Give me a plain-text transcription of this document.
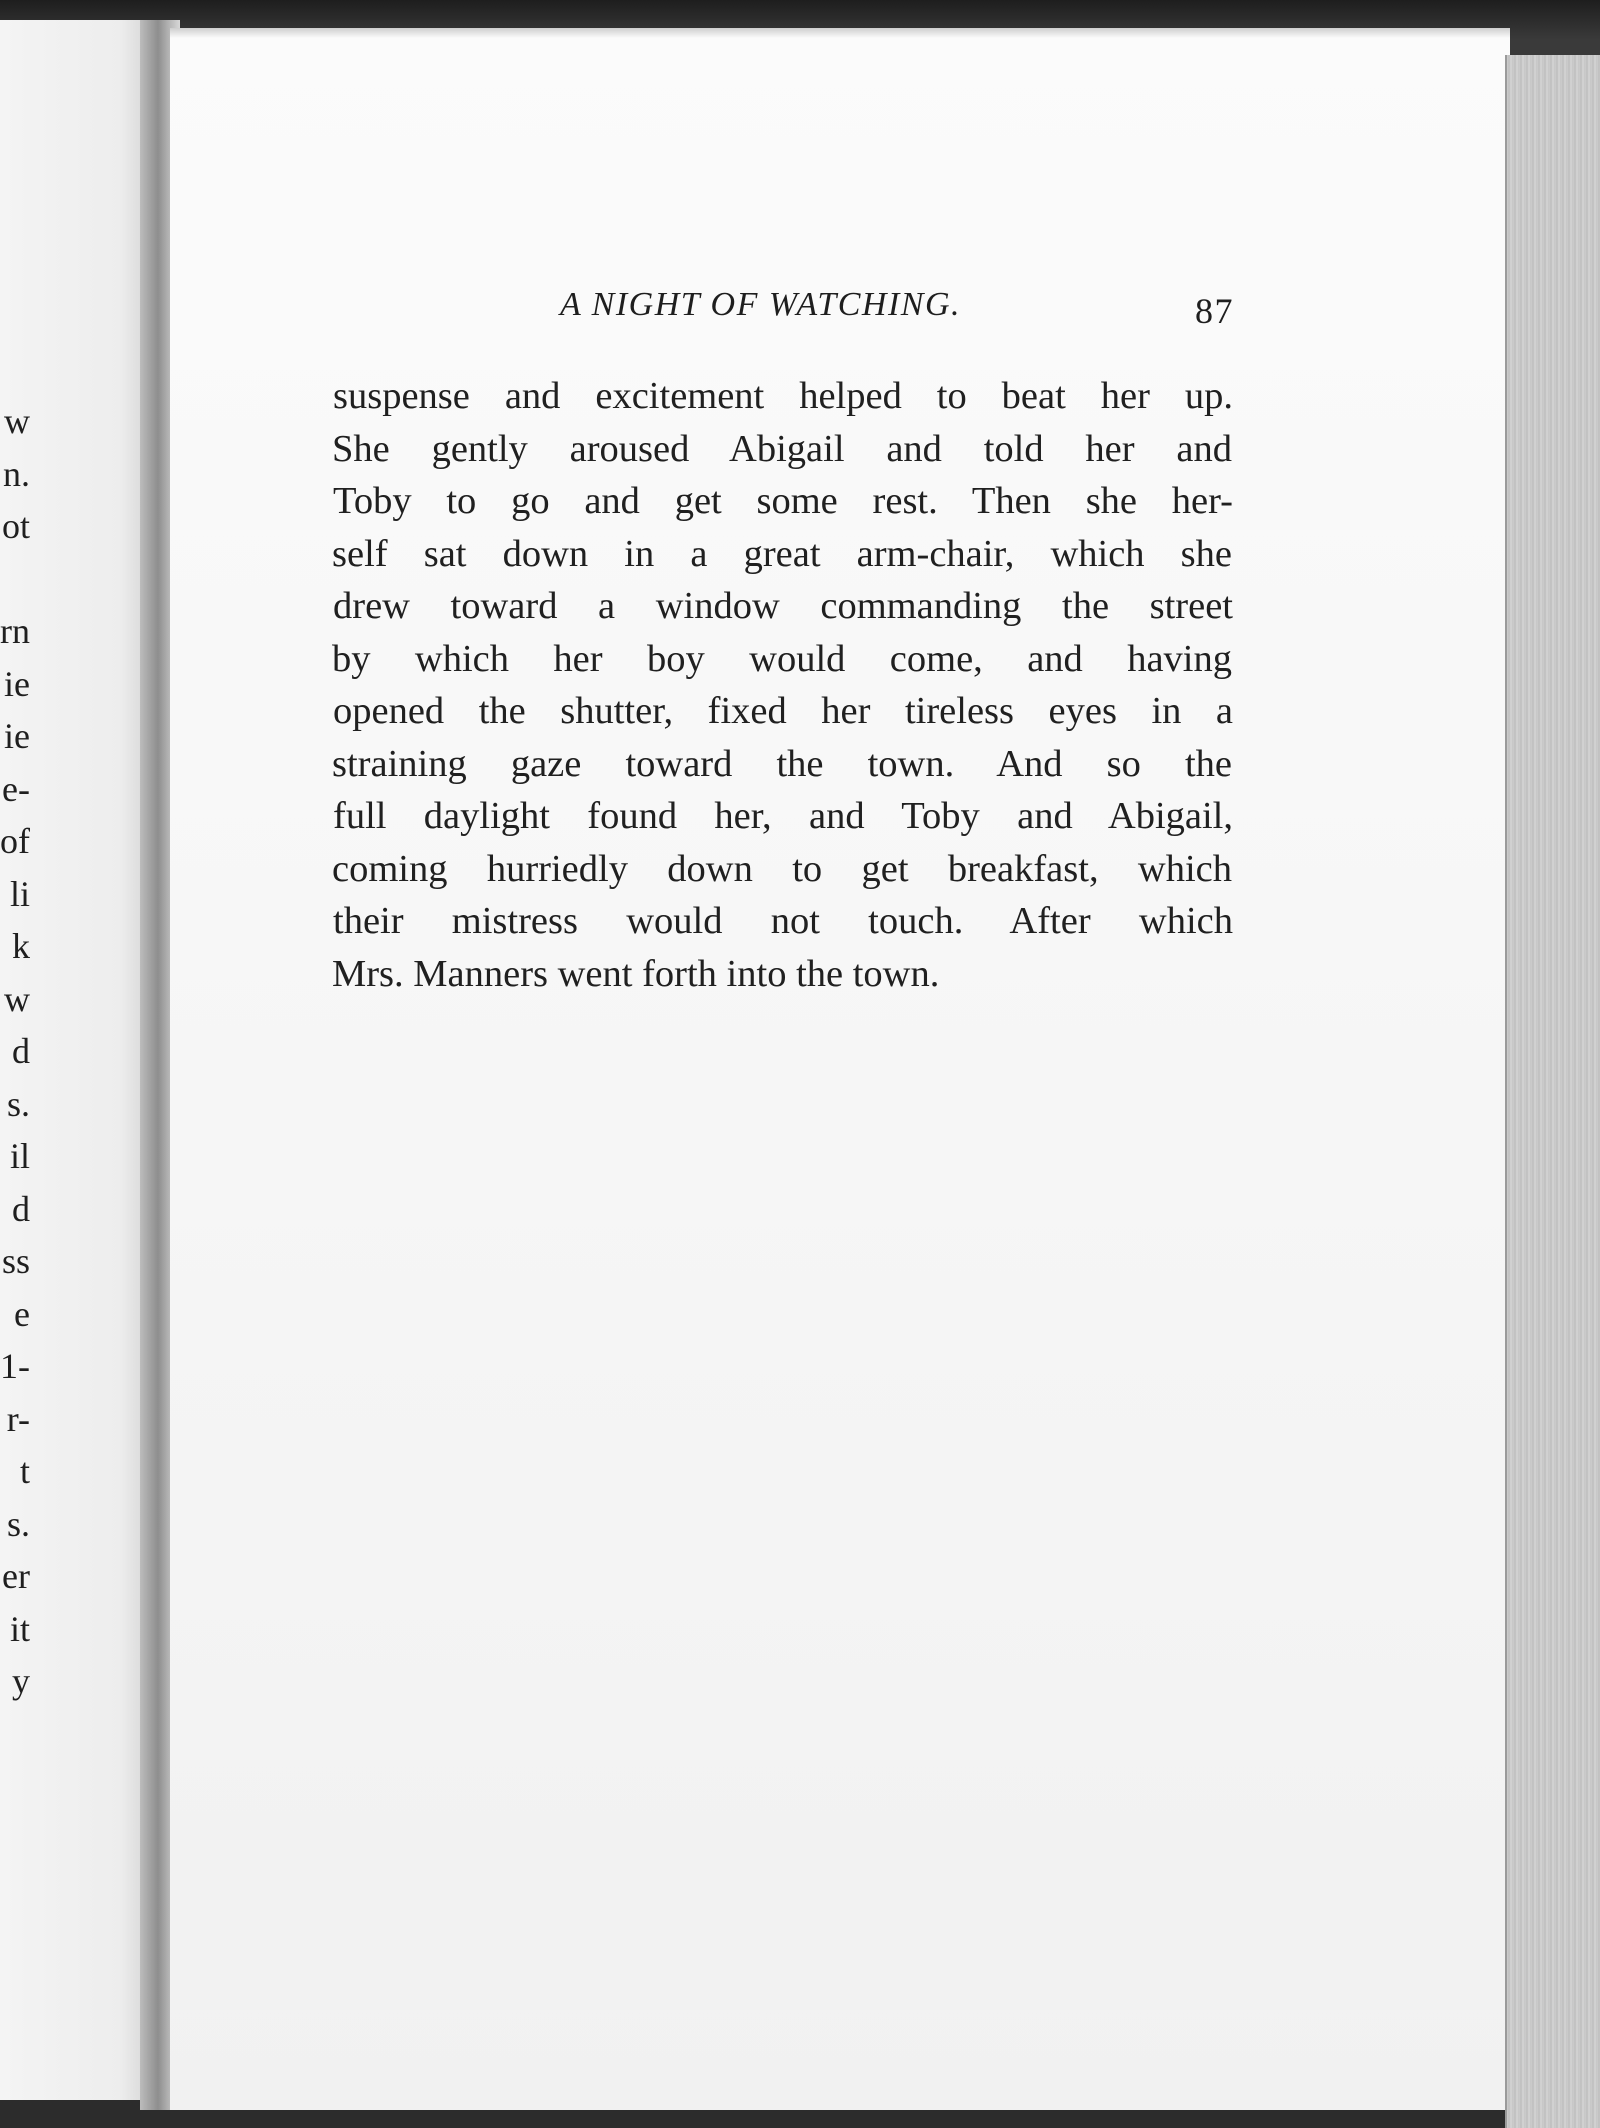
w
n.
ot
rn
ie
ie
e-
of
li
k
w
d
s.
il
d
ss
e
1-
r-
t
s.
er
it
y
A NIGHT OF WATCHING.	87
suspense and excitement helped to beat her up.
She gently aroused Abigail and told her and
Toby to go and get some rest. Then she her-
self sat down in a great arm-chair, which she
drew toward a window commanding the street
by which her boy would come, and having
opened the shutter, fixed her tireless eyes in a
straining gaze toward the town. And so the
full daylight found her, and Toby and Abigail,
coming hurriedly down to get breakfast, which
their mistress would not touch. After which
Mrs. Manners went forth into the town.
